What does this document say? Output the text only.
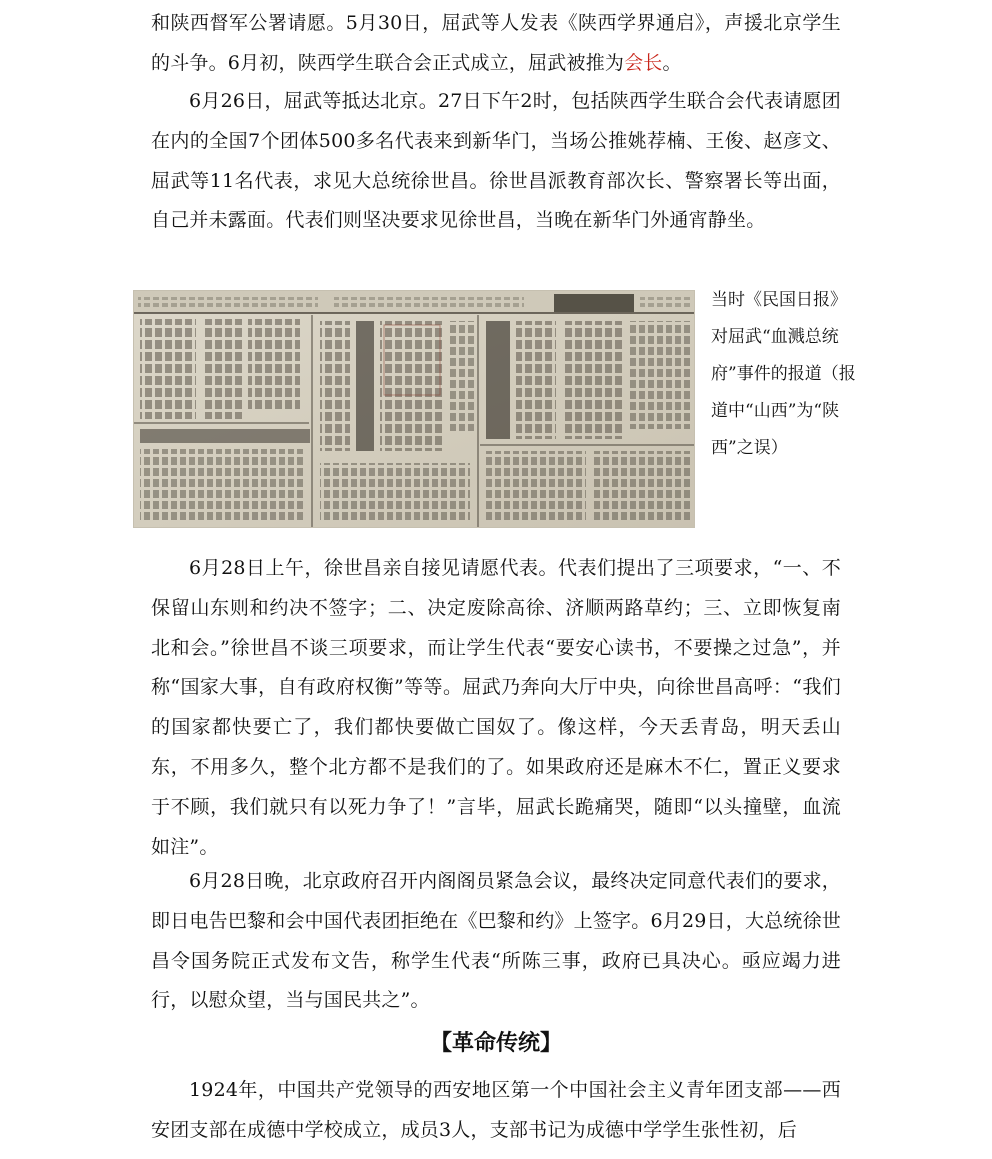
和陕西督军公署请愿。5月30日，屈武等人发表《陕西学界通启》，声援北京学生的斗争。6月初，陕西学生联合会正式成立，屈武被推为会长。

6月26日，屈武等抵达北京。27日下午2时，包括陕西学生联合会代表请愿团在内的全国7个团体500多名代表来到新华门，当场公推姚荐楠、王俊、赵彦文、屈武等11名代表，求见大总统徐世昌。徐世昌派教育部次长、警察署长等出面，自己并未露面。代表们则坚决要求见徐世昌，当晚在新华门外通宵静坐。

当时《民国日报》对屈武“血溅总统府”事件的报道（报道中“山西”为“陕西”之误）

6月28日上午，徐世昌亲自接见请愿代表。代表们提出了三项要求，“一、不保留山东则和约决不签字；二、决定废除高徐、济顺两路草约；三、立即恢复南北和会。”徐世昌不谈三项要求，而让学生代表“要安心读书，不要操之过急”，并称“国家大事，自有政府权衡”等等。屈武乃奔向大厅中央，向徐世昌高呼：“我们的国家都快要亡了，我们都快要做亡国奴了。像这样，今天丢青岛，明天丢山东，不用多久，整个北方都不是我们的了。如果政府还是麻木不仁，置正义要求于不顾，我们就只有以死力争了！”言毕，屈武长跪痛哭，随即“以头撞壁，血流如注”。

6月28日晚，北京政府召开内阁阁员紧急会议，最终决定同意代表们的要求，即日电告巴黎和会中国代表团拒绝在《巴黎和约》上签字。6月29日，大总统徐世昌令国务院正式发布文告，称学生代表“所陈三事，政府已具决心。亟应竭力进行，以慰众望，当与国民共之”。

【革命传统】

1924年，中国共产党领导的西安地区第一个中国社会主义青年团支部——西安团支部在成德中学校成立，成员3人，支部书记为成德中学学生张性初，后
